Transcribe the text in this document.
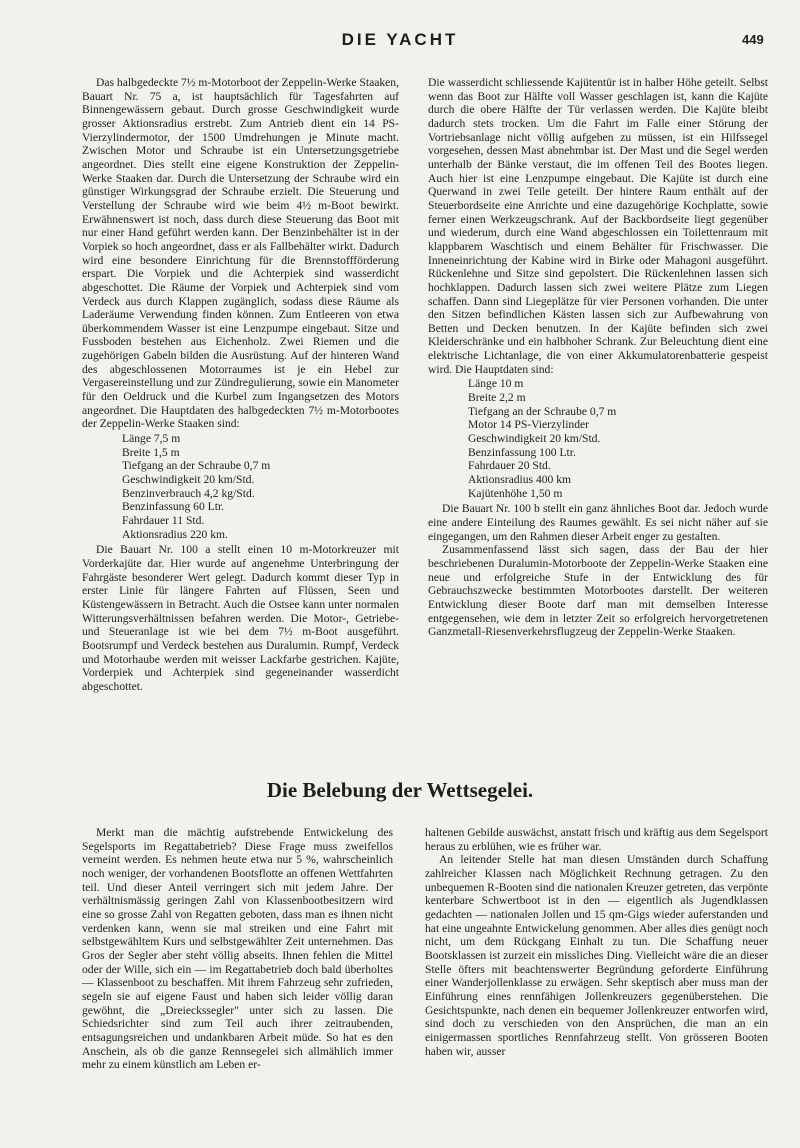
DIE YACHT	449

Das halbgedeckte 7½ m-Motorboot der Zeppelin-Werke Staaken, Bauart Nr. 75 a, ist hauptsächlich für Tagesfahrten auf Binnengewässern gebaut. Durch grosse Geschwindigkeit wurde grosser Aktionsradius erstrebt. Zum Antrieb dient ein 14 PS-Vierzylindermotor, der 1500 Umdrehungen je Minute macht. Zwischen Motor und Schraube ist ein Untersetzungsgetriebe angeordnet. Dies stellt eine eigene Konstruktion der Zeppelin-Werke Staaken dar. Durch die Untersetzung der Schraube wird ein günstiger Wirkungsgrad der Schraube erzielt. Die Steuerung und Verstellung der Schraube wird wie beim 4½ m-Boot bewirkt. Erwähnenswert ist noch, dass durch diese Steuerung das Boot mit nur einer Hand geführt werden kann. Der Benzinbehälter ist in der Vorpiek so hoch angeordnet, dass er als Fallbehälter wirkt. Dadurch wird eine besondere Einrichtung für die Brennstoffförderung erspart. Die Vorpiek und die Achterpiek sind wasserdicht abgeschottet. Die Räume der Vorpiek und Achterpiek sind vom Verdeck aus durch Klappen zugänglich, sodass diese Räume als Laderäume Verwendung finden können. Zum Entleeren von etwa überkommendem Wasser ist eine Lenzpumpe eingebaut. Sitze und Fussboden bestehen aus Eichenholz. Zwei Riemen und die zugehörigen Gabeln bilden die Ausrüstung. Auf der hinteren Wand des abgeschlossenen Motorraumes ist je ein Hebel zur Vergasereinstellung und zur Zündregulierung, sowie ein Manometer für den Oeldruck und die Kurbel zum Ingangsetzen des Motors angeordnet. Die Hauptdaten des halbgedeckten 7½ m-Motorbootes der Zeppelin-Werke Staaken sind:

Länge 7,5 m
Breite 1,5 m
Tiefgang an der Schraube 0,7 m
Geschwindigkeit 20 km/Std.
Benzinverbrauch 4,2 kg/Std.
Benzinfassung 60 Ltr.
Fahrdauer 11 Std.
Aktionsradius 220 km.

Die Bauart Nr. 100 a stellt einen 10 m-Motorkreuzer mit Vorderkajüte dar. Hier wurde auf angenehme Unterbringung der Fahrgäste besonderer Wert gelegt. Dadurch kommt dieser Typ in erster Linie für längere Fahrten auf Flüssen, Seen und Küstengewässern in Betracht. Auch die Ostsee kann unter normalen Witterungsverhältnissen befahren werden. Die Motor-, Getriebe- und Steueranlage ist wie bei dem 7½ m-Boot ausgeführt. Bootsrumpf und Verdeck bestehen aus Duralumin. Rumpf, Verdeck und Motorhaube werden mit weisser Lackfarbe gestrichen. Kajüte, Vorderpiek und Achterpiek sind gegeneinander wasserdicht abgeschottet.

Die wasserdicht schliessende Kajütentür ist in halber Höhe geteilt. Selbst wenn das Boot zur Hälfte voll Wasser geschlagen ist, kann die Kajüte durch die obere Hälfte der Tür verlassen werden. Die Kajüte bleibt dadurch stets trocken. Um die Fahrt im Falle einer Störung der Vortriebsanlage nicht völlig aufgeben zu müssen, ist ein Hilfssegel vorgesehen, dessen Mast abnehmbar ist. Der Mast und die Segel werden unterhalb der Bänke verstaut, die im offenen Teil des Bootes liegen. Auch hier ist eine Lenzpumpe eingebaut. Die Kajüte ist durch eine Querwand in zwei Teile geteilt. Der hintere Raum enthält auf der Steuerbordseite eine Anrichte und eine dazugehörige Kochplatte, sowie ferner einen Werkzeugschrank. Auf der Backbordseite liegt gegenüber und wiederum, durch eine Wand abgeschlossen ein Toilettenraum mit klappbarem Waschtisch und einem Behälter für Frischwasser. Die Inneneinrichtung der Kabine wird in Birke oder Mahagoni ausgeführt. Rückenlehne und Sitze sind gepolstert. Die Rückenlehnen lassen sich hochklappen. Dadurch lassen sich zwei weitere Plätze zum Liegen schaffen. Dann sind Liegeplätze für vier Personen vorhanden. Die unter den Sitzen befindlichen Kästen lassen sich zur Aufbewahrung von Betten und Decken benutzen. In der Kajüte befinden sich zwei Kleiderschränke und ein halbhoher Schrank. Zur Beleuchtung dient eine elektrische Lichtanlage, die von einer Akkumulatorenbatterie gespeist wird. Die Hauptdaten sind:

Länge 10 m
Breite 2,2 m
Tiefgang an der Schraube 0,7 m
Motor 14 PS-Vierzylinder
Geschwindigkeit 20 km/Std.
Benzinfassung 100 Ltr.
Fahrdauer 20 Std.
Aktionsradius 400 km
Kajütenhöhe 1,50 m

Die Bauart Nr. 100 b stellt ein ganz ähnliches Boot dar. Jedoch wurde eine andere Einteilung des Raumes gewählt. Es sei nicht näher auf sie eingegangen, um den Rahmen dieser Arbeit enger zu gestalten.

Zusammenfassend lässt sich sagen, dass der Bau der hier beschriebenen Duralumin-Motorboote der Zeppelin-Werke Staaken eine neue und erfolgreiche Stufe in der Entwicklung des für Gebrauchszwecke bestimmten Motorbootes darstellt. Der weiteren Entwicklung dieser Boote darf man mit demselben Interesse entgegensehen, wie dem in letzter Zeit so erfolgreich hervorgetretenen Ganzmetall-Riesenverkehrsflugzeug der Zeppelin-Werke Staaken.

Die Belebung der Wettsegelei.

Merkt man die mächtig aufstrebende Entwickelung des Segelsports im Regattabetrieb? Diese Frage muss zweifellos verneint werden. Es nehmen heute etwa nur 5 %, wahrscheinlich noch weniger, der vorhandenen Bootsflotte an offenen Wettfahrten teil. Und dieser Anteil verringert sich mit jedem Jahre. Der verhältnismässig geringen Zahl von Klassenbootbesitzern wird eine so grosse Zahl von Regatten geboten, dass man es ihnen nicht verdenken kann, wenn sie mal streiken und eine Fahrt mit selbstgewähltem Kurs und selbstgewählter Zeit unternehmen. Das Gros der Segler aber steht völlig abseits. Ihnen fehlen die Mittel oder der Wille, sich ein — im Regattabetrieb doch bald überholtes — Klassenboot zu beschaffen. Mit ihrem Fahrzeug sehr zufrieden, segeln sie auf eigene Faust und haben sich leider völlig daran gewöhnt, die „Dreieckssegler" unter sich zu lassen. Die Schiedsrichter sind zum Teil auch ihrer zeitraubenden, entsagungsreichen und undankbaren Arbeit müde. So hat es den Anschein, als ob die ganze Rennsegelei sich allmählich immer mehr zu einem künstlich am Leben er-

haltenen Gebilde auswächst, anstatt frisch und kräftig aus dem Segelsport heraus zu erblühen, wie es früher war.

An leitender Stelle hat man diesen Umständen durch Schaffung zahlreicher Klassen nach Möglichkeit Rechnung getragen. Zu den unbequemen R-Booten sind die nationalen Kreuzer getreten, das verpönte kenterbare Schwertboot ist in den — eigentlich als Jugendklassen gedachten — nationalen Jollen und 15 qm-Gigs wieder auferstanden und hat eine ungeahnte Entwickelung genommen. Aber alles dies genügt noch nicht, um dem Rückgang Einhalt zu tun. Die Schaffung neuer Bootsklassen ist zurzeit ein missliches Ding. Vielleicht wäre die an dieser Stelle öfters mit beachtenswerter Begründung geforderte Einführung einer Wanderjollenklasse zu erwägen. Sehr skeptisch aber muss man der Einführung eines rennfähigen Jollenkreuzers gegenüberstehen. Die Gesichtspunkte, nach denen ein bequemer Jollenkreuzer entworfen wird, sind doch zu verschieden von den Ansprüchen, die man an ein einigermassen sportliches Rennfahrzeug stellt. Von grösseren Booten haben wir, ausser
